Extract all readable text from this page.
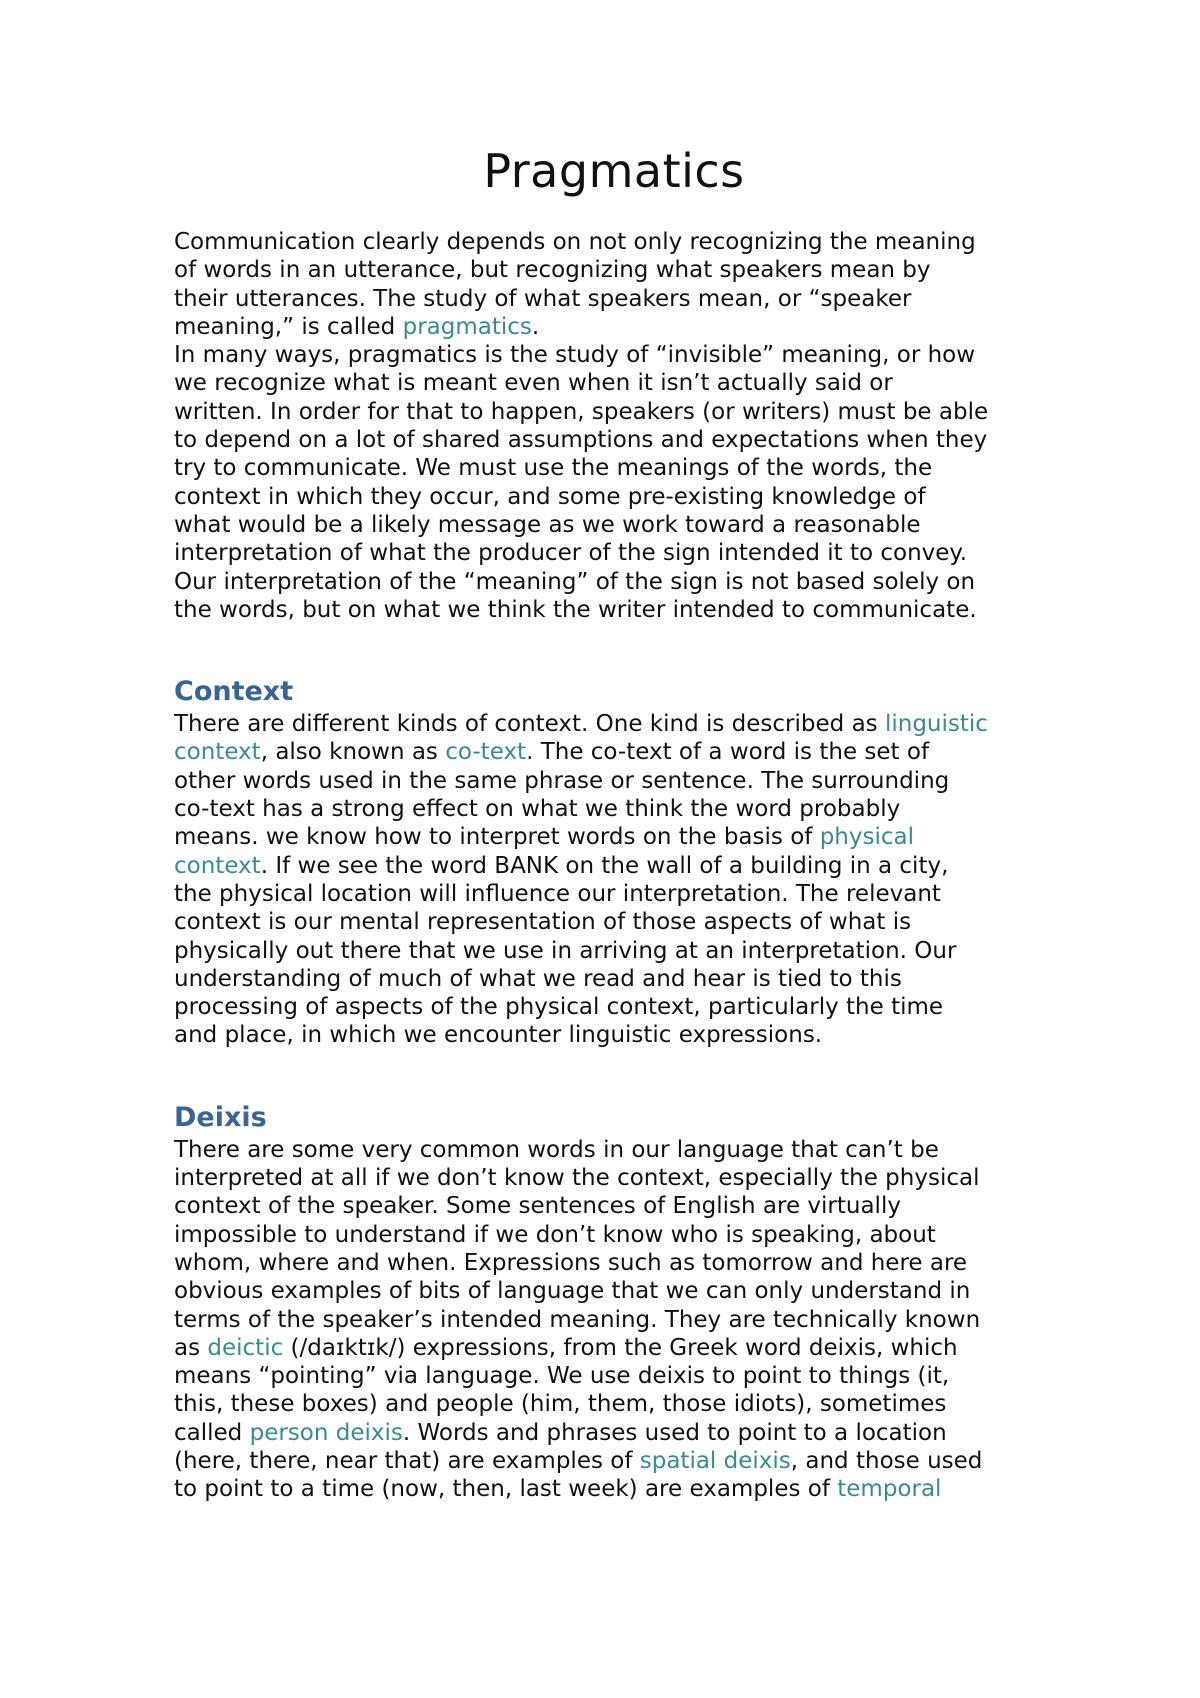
Pragmatics

Communication clearly depends on not only recognizing the meaning
of words in an utterance, but recognizing what speakers mean by
their utterances. The study of what speakers mean, or “speaker
meaning,” is called pragmatics.

In many ways, pragmatics is the study of “invisible” meaning, or how
we recognize what is meant even when it isn’t actually said or
written. In order for that to happen, speakers (or writers) must be able
to depend on a lot of shared assumptions and expectations when they
try to communicate. We must use the meanings of the words, the
context in which they occur, and some pre-existing knowledge of
what would be a likely message as we work toward a reasonable
interpretation of what the producer of the sign intended it to convey.
Our interpretation of the “meaning” of the sign is not based solely on
the words, but on what we think the writer intended to communicate.

Context

There are different kinds of context. One kind is described as linguistic
context, also known as co-text. The co-text of a word is the set of
other words used in the same phrase or sentence. The surrounding
co-text has a strong effect on what we think the word probably
means. we know how to interpret words on the basis of physical
context. If we see the word BANK on the wall of a building in a city,
the physical location will influence our interpretation. The relevant
context is our mental representation of those aspects of what is
physically out there that we use in arriving at an interpretation. Our
understanding of much of what we read and hear is tied to this
processing of aspects of the physical context, particularly the time
and place, in which we encounter linguistic expressions.

Deixis

There are some very common words in our language that can’t be
interpreted at all if we don’t know the context, especially the physical
context of the speaker. Some sentences of English are virtually
impossible to understand if we don’t know who is speaking, about
whom, where and when. Expressions such as tomorrow and here are
obvious examples of bits of language that we can only understand in
terms of the speaker’s intended meaning. They are technically known
as deictic (/daɪktɪk/) expressions, from the Greek word deixis, which
means “pointing” via language. We use deixis to point to things (it,
this, these boxes) and people (him, them, those idiots), sometimes
called person deixis. Words and phrases used to point to a location
(here, there, near that) are examples of spatial deixis, and those used
to point to a time (now, then, last week) are examples of temporal
